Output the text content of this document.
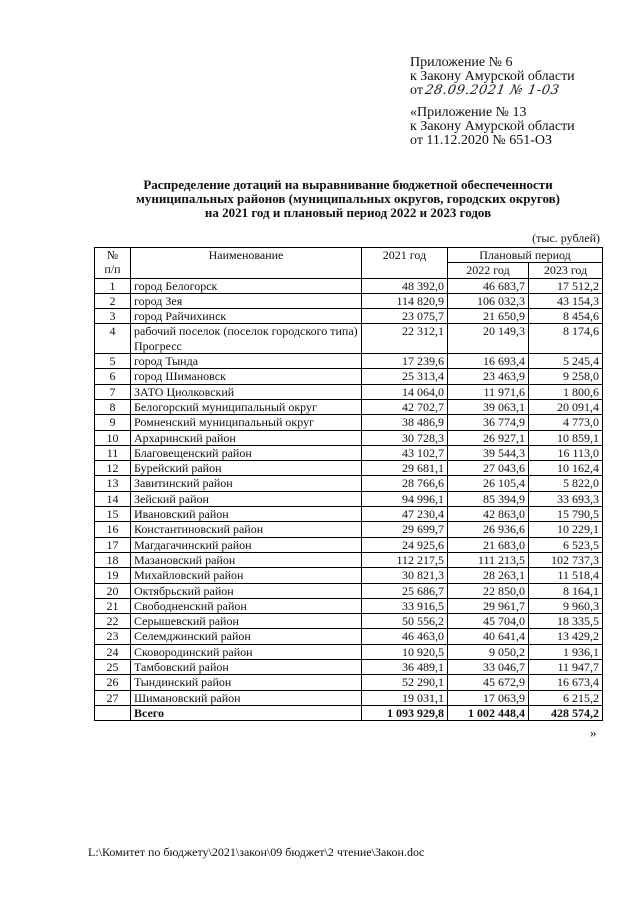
Приложение № 6
к Закону Амурской области
от28.09.2021 № 1-03
«Приложение № 13
к Закону Амурской области
от 11.12.2020 № 651-ОЗ
Распределение дотаций на выравнивание бюджетной обеспеченности
муниципальных районов (муниципальных округов, городских округов)
на 2021 год и плановый период 2022 и 2023 годов
(тыс. рублей)
№
п/п	Наименование	2021 год	Плановый период	
			2022 год	2023 год
1	город Белогорск	48 392,0	46 683,7	17 512,2
2	город Зея	114 820,9	106 032,3	43 154,3
3	город Райчихинск	23 075,7	21 650,9	8 454,6
4	рабочий поселок (поселок городского типа) Прогресс	22 312,1	20 149,3	8 174,6
5	город Тында	17 239,6	16 693,4	5 245,4
6	город Шимановск	25 313,4	23 463,9	9 258,0
7	ЗАТО Циолковский	14 064,0	11 971,6	1 800,6
8	Белогорский муниципальный округ	42 702,7	39 063,1	20 091,4
9	Ромненский муниципальный округ	38 486,9	36 774,9	4 773,0
10	Архаринский район	30 728,3	26 927,1	10 859,1
11	Благовещенский район	43 102,7	39 544,3	16 113,0
12	Бурейский район	29 681,1	27 043,6	10 162,4
13	Завитинский район	28 766,6	26 105,4	5 822,0
14	Зейский район	94 996,1	85 394,9	33 693,3
15	Ивановский район	47 230,4	42 863,0	15 790,5
16	Константиновский район	29 699,7	26 936,6	10 229,1
17	Магдагачинский район	24 925,6	21 683,0	6 523,5
18	Мазановский район	112 217,5	111 213,5	102 737,3
19	Михайловский район	30 821,3	28 263,1	11 518,4
20	Октябрьский район	25 686,7	22 850,0	8 164,1
21	Свободненский район	33 916,5	29 961,7	9 960,3
22	Серышевский район	50 556,2	45 704,0	18 335,5
23	Селемджинский район	46 463,0	40 641,4	13 429,2
24	Сковородинский район	10 920,5	9 050,2	1 936,1
25	Тамбовский район	36 489,1	33 046,7	11 947,7
26	Тындинский район	52 290,1	45 672,9	16 673,4
27	Шимановский район	19 031,1	17 063,9	6 215,2
	Всего	1 093 929,8	1 002 448,4	428 574,2
»
L:\Комитет по бюджету\2021\закон\09 бюджет\2 чтение\Закон.doc
